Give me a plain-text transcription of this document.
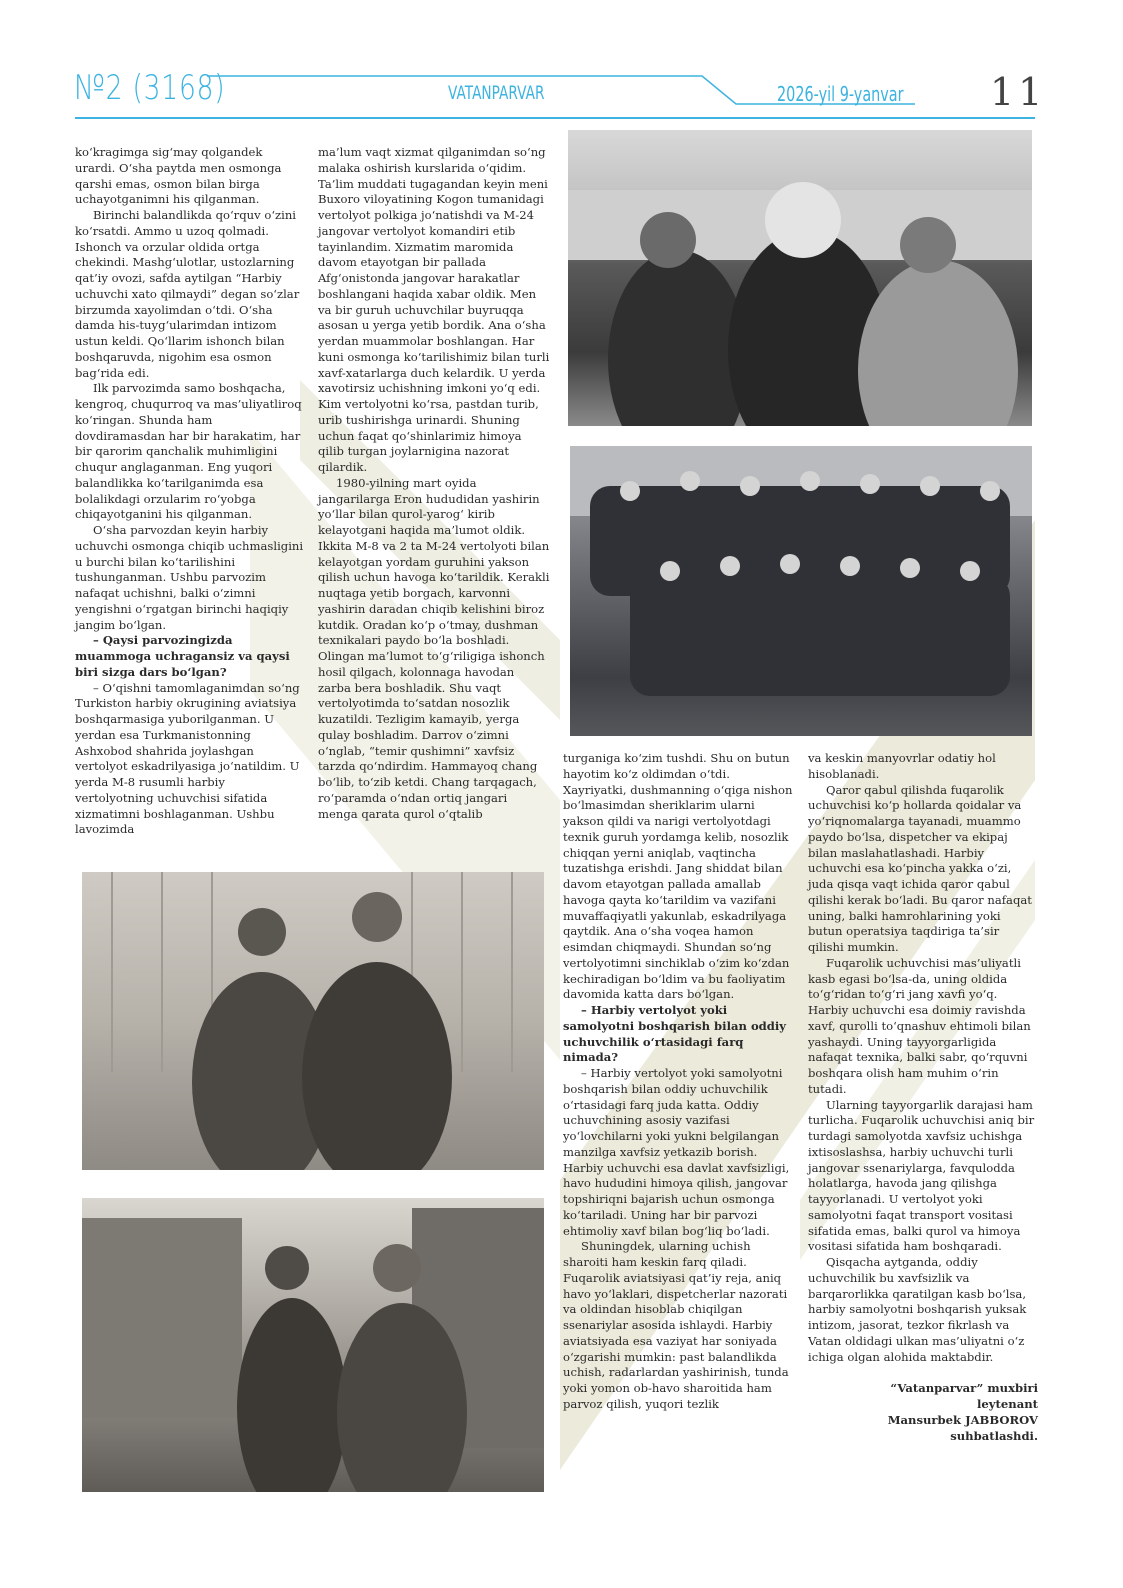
№2 (3168)	VATANPARVAR	2026-yil 9-yanvar 11

ko‘kragimga sig‘may qolgandek urardi. O‘sha paytda men osmonga qarshi emas, osmon bilan birga uchayotganimni his qilganman.

Birinchi balandlikda qo‘rquv o‘zini ko‘rsatdi. Ammo u uzoq qolmadi. Ishonch va orzular oldida ortga chekindi. Mashg‘ulotlar, ustozlarning qat’iy ovozi, safda aytilgan “Harbiy uchuvchi xato qilmaydi” degan so‘zlar birzumda xayolimdan o‘tdi. O‘sha damda his-tuyg‘ularimdan intizom ustun keldi. Qo‘llarim ishonch bilan boshqaruvda, nigohim esa osmon bag‘rida edi.

Ilk parvozimda samo boshqacha, kengroq, chuqurroq va mas’uliyatliroq ko‘ringan. Shunda ham dovdiramasdan har bir harakatim, har bir qarorim qanchalik muhimligini chuqur anglaganman. Eng yuqori balandlikka ko‘tarilganimda esa bolalikdagi orzularim ro‘yobga chiqayotganini his qilganman.

O‘sha parvozdan keyin harbiy uchuvchi osmonga chiqib uchmasligini u burchi bilan ko‘tarilishini tushunganman. Ushbu parvozim nafaqat uchishni, balki o‘zimni yengishni o‘rgatgan birinchi haqiqiy jangim bo‘lgan.

– Qaysi parvozingizda muammoga uchragansiz va qaysi biri sizga dars bo‘lgan?

– O‘qishni tamomlaganimdan so‘ng Turkiston harbiy okrugining aviatsiya boshqarmasiga yuborilganman. U yerdan esa Turkmanistonning Ashxobod shahrida joylashgan vertolyot eskadrilyasiga jo‘natildim. U yerda M-8 rusumli harbiy vertolyotning uchuvchisi sifatida xizmatimni boshlaganman. Ushbu lavozimda

ma’lum vaqt xizmat qilganimdan so‘ng malaka oshirish kurslarida o‘qidim. Ta’lim muddati tugagandan keyin meni Buxoro viloyatining Kogon tumanidagi vertolyot polkiga jo‘natishdi va M-24 jangovar vertolyot komandiri etib tayinlandim. Xizmatim maromida davom etayotgan bir pallada Afg‘onistonda jangovar harakatlar boshlangani haqida xabar oldik. Men va bir guruh uchuvchilar buyruqqa asosan u yerga yetib bordik. Ana o‘sha yerdan muammolar boshlangan. Har kuni osmonga ko‘tarilishimiz bilan turli xavf-xatarlarga duch kelardik. U yerda xavotirsiz uchishning imkoni yo‘q edi. Kim vertolyotni ko‘rsa, pastdan turib, urib tushirishga urinardi. Shuning uchun faqat qo‘shinlarimiz himoya qilib turgan joylarnigina nazorat qilardik.

1980-yilning mart oyida jangarilarga Eron hududidan yashirin yo‘llar bilan qurol-yarog‘ kirib kelayotgani haqida ma’lumot oldik. Ikkita M-8 va 2 ta M-24 vertolyoti bilan kelayotgan yordam guruhini yakson qilish uchun havoga ko‘tarildik. Kerakli nuqtaga yetib borgach, karvonni yashirin daradan chiqib kelishini biroz kutdik. Oradan ko‘p o‘tmay, dushman texnikalari paydo bo‘la boshladi. Olingan ma’lumot to‘g‘riligiga ishonch hosil qilgach, kolonnaga havodan zarba bera boshladik. Shu vaqt vertolyotimda to‘satdan nosozlik kuzatildi. Tezligim kamayib, yerga qulay boshladim. Darrov o‘zimni o‘nglab, “temir qushimni” xavfsiz tarzda qo‘ndirdim. Hammayoq chang bo‘lib, to‘zib ketdi. Chang tarqagach, ro‘paramda o‘ndan ortiq jangari menga qarata qurol o‘qtalib

turganiga ko‘zim tushdi. Shu on butun hayotim ko‘z oldimdan o‘tdi. Xayriyatki, dushmanning o‘qiga nishon bo‘lmasimdan sheriklarim ularni yakson qildi va narigi vertolyotdagi texnik guruh yordamga kelib, nosozlik chiqqan yerni aniqlab, vaqtincha tuzatishga erishdi. Jang shiddat bilan davom etayotgan pallada amallab havoga qayta ko‘tarildim va vazifani muvaffaqiyatli yakunlab, eskadrilyaga qaytdik. Ana o‘sha voqea hamon esimdan chiqmaydi. Shundan so‘ng vertolyotimni sinchiklab o‘zim ko‘zdan kechiradigan bo‘ldim va bu faoliyatim davomida katta dars bo‘lgan.

– Harbiy vertolyot yoki samolyotni boshqarish bilan oddiy uchuvchilik o‘rtasidagi farq nimada?

– Harbiy vertolyot yoki samolyotni boshqarish bilan oddiy uchuvchilik o‘rtasidagi farq juda katta. Oddiy uchuvchining asosiy vazifasi yo‘lovchilarni yoki yukni belgilangan manzilga xavfsiz yetkazib borish. Harbiy uchuvchi esa davlat xavfsizligi, havo hududini himoya qilish, jangovar topshiriqni bajarish uchun osmonga ko‘tariladi. Uning har bir parvozi ehtimoliy xavf bilan bog‘liq bo‘ladi.

Shuningdek, ularning uchish sharoiti ham keskin farq qiladi. Fuqarolik aviatsiyasi qat’iy reja, aniq havo yo‘laklari, dispetcherlar nazorati va oldindan hisoblab chiqilgan ssenariylar asosida ishlaydi. Harbiy aviatsiyada esa vaziyat har soniyada o‘zgarishi mumkin: past balandlikda uchish, radarlardan yashirinish, tunda yoki yomon ob-havo sharoitida ham parvoz qilish, yuqori tezlik

va keskin manyovrlar odatiy hol hisoblanadi.

Qaror qabul qilishda fuqarolik uchuvchisi ko‘p hollarda qoidalar va yo‘riqnomalarga tayanadi, muammo paydo bo‘lsa, dispetcher va ekipaj bilan maslahatlashadi. Harbiy uchuvchi esa ko‘pincha yakka o‘zi, juda qisqa vaqt ichida qaror qabul qilishi kerak bo‘ladi. Bu qaror nafaqat uning, balki hamrohlarining yoki butun operatsiya taqdiriga ta’sir qilishi mumkin.

Fuqarolik uchuvchisi mas’uliyatli kasb egasi bo‘lsa-da, uning oldida to‘g‘ridan to‘g‘ri jang xavfi yo‘q. Harbiy uchuvchi esa doimiy ravishda xavf, qurolli to‘qnashuv ehtimoli bilan yashaydi. Uning tayyorgarligida nafaqat texnika, balki sabr, qo‘rquvni boshqara olish ham muhim o‘rin tutadi.

Ularning tayyorgarlik darajasi ham turlicha. Fuqarolik uchuvchisi aniq bir turdagi samolyotda xavfsiz uchishga ixtisoslashsa, harbiy uchuvchi turli jangovar ssenariylarga, favqulodda holatlarga, havoda jang qilishga tayyorlanadi. U vertolyot yoki samolyotni faqat transport vositasi sifatida emas, balki qurol va himoya vositasi sifatida ham boshqaradi.

Qisqacha aytganda, oddiy uchuvchilik bu xavfsizlik va barqarorlikka qaratilgan kasb bo‘lsa, harbiy samolyotni boshqarish yuksak intizom, jasorat, tezkor fikrlash va Vatan oldidagi ulkan mas’uliyatni o‘z ichiga olgan alohida maktabdir.

“Vatanparvar” muxbiri
leytenant
Mansurbek JABBOROV
suhbatlashdi.
